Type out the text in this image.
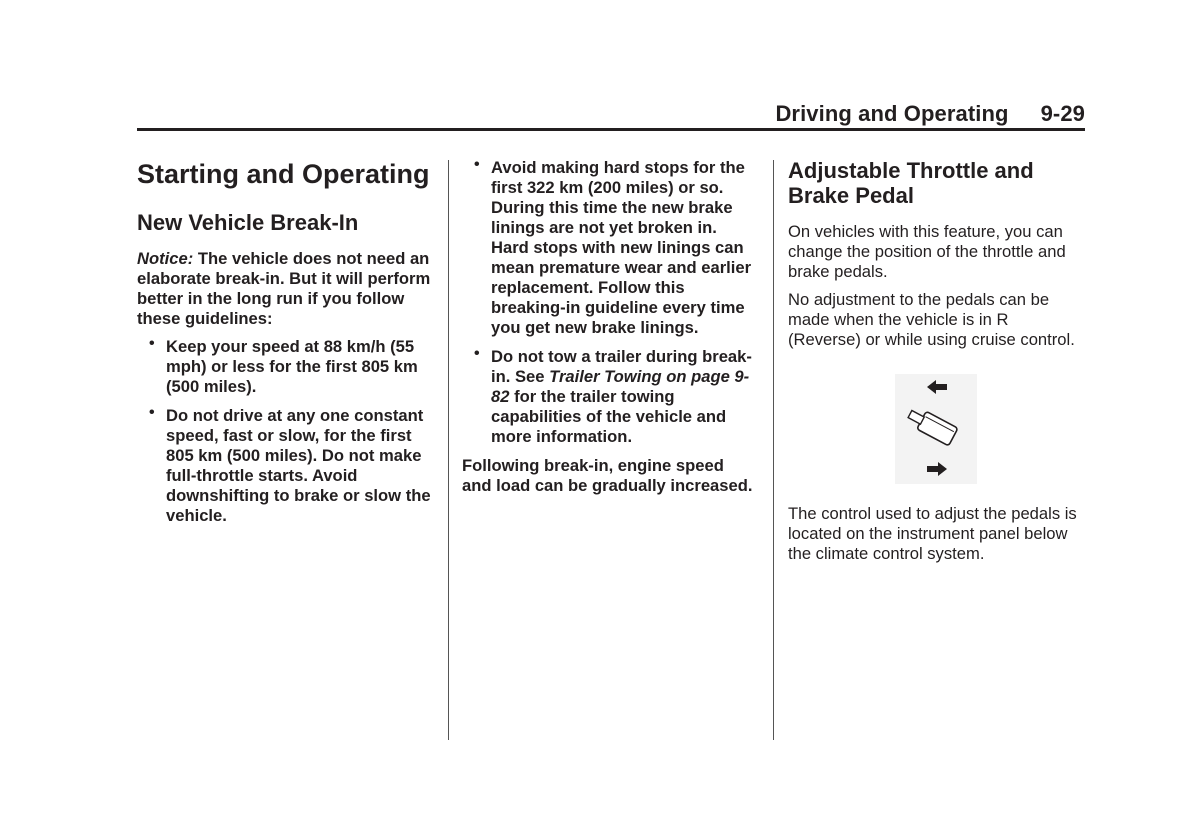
Driving and Operating 9-29
Starting and Operating
New Vehicle Break-In

Notice: The vehicle does not need an elaborate break-in. But it will perform better in the long run if you follow these guidelines:

• Keep your speed at 88 km/h (55 mph) or less for the first 805 km (500 miles).
• Do not drive at any one constant speed, fast or slow, for the first 805 km (500 miles). Do not make full-throttle starts. Avoid downshifting to brake or slow the vehicle.
• Avoid making hard stops for the first 322 km (200 miles) or so. During this time the new brake linings are not yet broken in. Hard stops with new linings can mean premature wear and earlier replacement. Follow this breaking-in guideline every time you get new brake linings.
• Do not tow a trailer during break-in. See Trailer Towing on page 9-82 for the trailer towing capabilities of the vehicle and more information.

Following break-in, engine speed and load can be gradually increased.

Adjustable Throttle and Brake Pedal

On vehicles with this feature, you can change the position of the throttle and brake pedals.

No adjustment to the pedals can be made when the vehicle is in R (Reverse) or while using cruise control.

The control used to adjust the pedals is located on the instrument panel below the climate control system.
